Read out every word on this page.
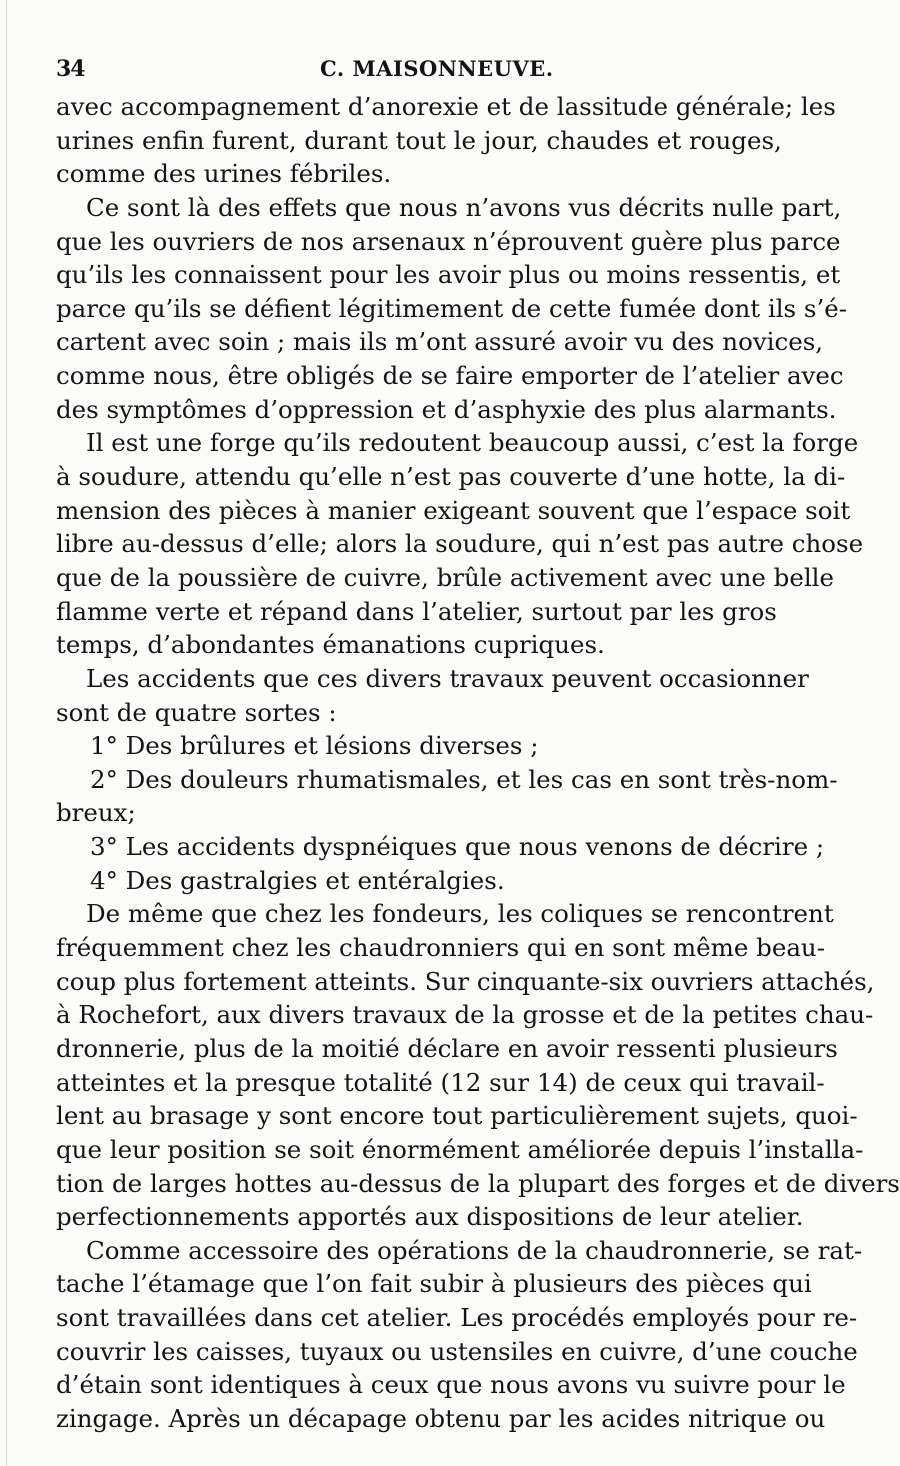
34	C. MAISONNEUVE.
avec accompagnement d’anorexie et de lassitude générale; les
urines enfin furent, durant tout le jour, chaudes et rouges,
comme des urines fébriles.
Ce sont là des effets que nous n’avons vus décrits nulle part,
que les ouvriers de nos arsenaux n’éprouvent guère plus parce
qu’ils les connaissent pour les avoir plus ou moins ressentis, et
parce qu’ils se défient légitimement de cette fumée dont ils s’é-
cartent avec soin ; mais ils m’ont assuré avoir vu des novices,
comme nous, être obligés de se faire emporter de l’atelier avec
des symptômes d’oppression et d’asphyxie des plus alarmants.
Il est une forge qu’ils redoutent beaucoup aussi, c’est la forge
à soudure, attendu qu’elle n’est pas couverte d’une hotte, la di-
mension des pièces à manier exigeant souvent que l’espace soit
libre au-dessus d’elle; alors la soudure, qui n’est pas autre chose
que de la poussière de cuivre, brûle activement avec une belle
flamme verte et répand dans l’atelier, surtout par les gros
temps, d’abondantes émanations cupriques.
Les accidents que ces divers travaux peuvent occasionner
sont de quatre sortes :
1° Des brûlures et lésions diverses ;
2° Des douleurs rhumatismales, et les cas en sont très-nom-
breux;
3° Les accidents dyspnéiques que nous venons de décrire ;
4° Des gastralgies et entéralgies.
De même que chez les fondeurs, les coliques se rencontrent
fréquemment chez les chaudronniers qui en sont même beau-
coup plus fortement atteints. Sur cinquante-six ouvriers attachés,
à Rochefort, aux divers travaux de la grosse et de la petites chau-
dronnerie, plus de la moitié déclare en avoir ressenti plusieurs
atteintes et la presque totalité (12 sur 14) de ceux qui travail-
lent au brasage y sont encore tout particulièrement sujets, quoi-
que leur position se soit énormément améliorée depuis l’installa-
tion de larges hottes au-dessus de la plupart des forges et de divers
perfectionnements apportés aux dispositions de leur atelier.
Comme accessoire des opérations de la chaudronnerie, se rat-
tache l’étamage que l’on fait subir à plusieurs des pièces qui
sont travaillées dans cet atelier. Les procédés employés pour re-
couvrir les caisses, tuyaux ou ustensiles en cuivre, d’une couche
d’étain sont identiques à ceux que nous avons vu suivre pour le
zingage. Après un décapage obtenu par les acides nitrique ou
